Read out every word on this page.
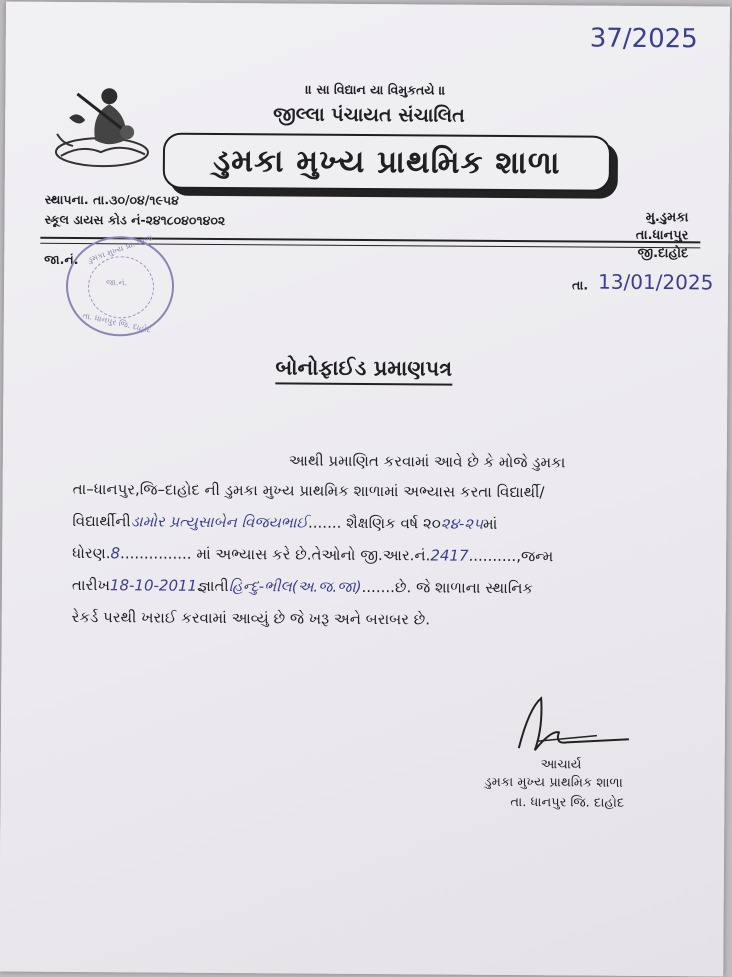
37/2025
॥ સા વિદ્યાન યા વિમુકતયે ॥
જીલ્લા પંચાયત સંચાલિત
ડુમકા મુખ્ય પ્રાથમિક શાળા
સ્થાપના. તા.૩૦/૦૪/૧૯૫૪
સ્કૂલ ડાયસ કોડ નં-૨૪૧૮૦૪૦૧૪૦૨	મુ.ડુમકા
તા.ધાનપુર
જી.દાહોદ
જા.નં. ડુમકા મુખ્ય પ્રા. શાળા
જા.નં.
તા. ધાનપુર જિ. દાહોદ
તા. 13/01/2025
બોનોફાઈડ પ્રમાણપત્ર
આથી પ્રમાણિત કરવામાં આવે છે કે મોજે ડુમકા
તા–ધાનપુર,જિ–દાહોદ ની ડુમકા મુખ્ય પ્રાથમિક શાળામાં અભ્યાસ કરતા વિદ્યાર્થી/
વિદ્યાર્થીનીડામોર પ્રત્યુસાબેન વિજયભાઈ....... શૈક્ષણિક વર્ષ ૨૦૨૪-૨૫માં
ધોરણ.8............... માં અભ્યાસ કરે છે.તેઓનો જી.આર.નં.2417..........,જન્મ
તારીખ18-10-2011જ્ઞાતીહિન્દુ-ભીલ(અ.જ.જા).......છે. જે શાળાના સ્થાનિક
રેકર્ડ પરથી ખરાઈ કરવામાં આવ્યું છે જે ખરૂ અને બરાબર છે.
આચાર્ય
ડુમકા મુખ્ય પ્રાથમિક શાળા
તા. ધાનપુર જિ. દાહોદ
